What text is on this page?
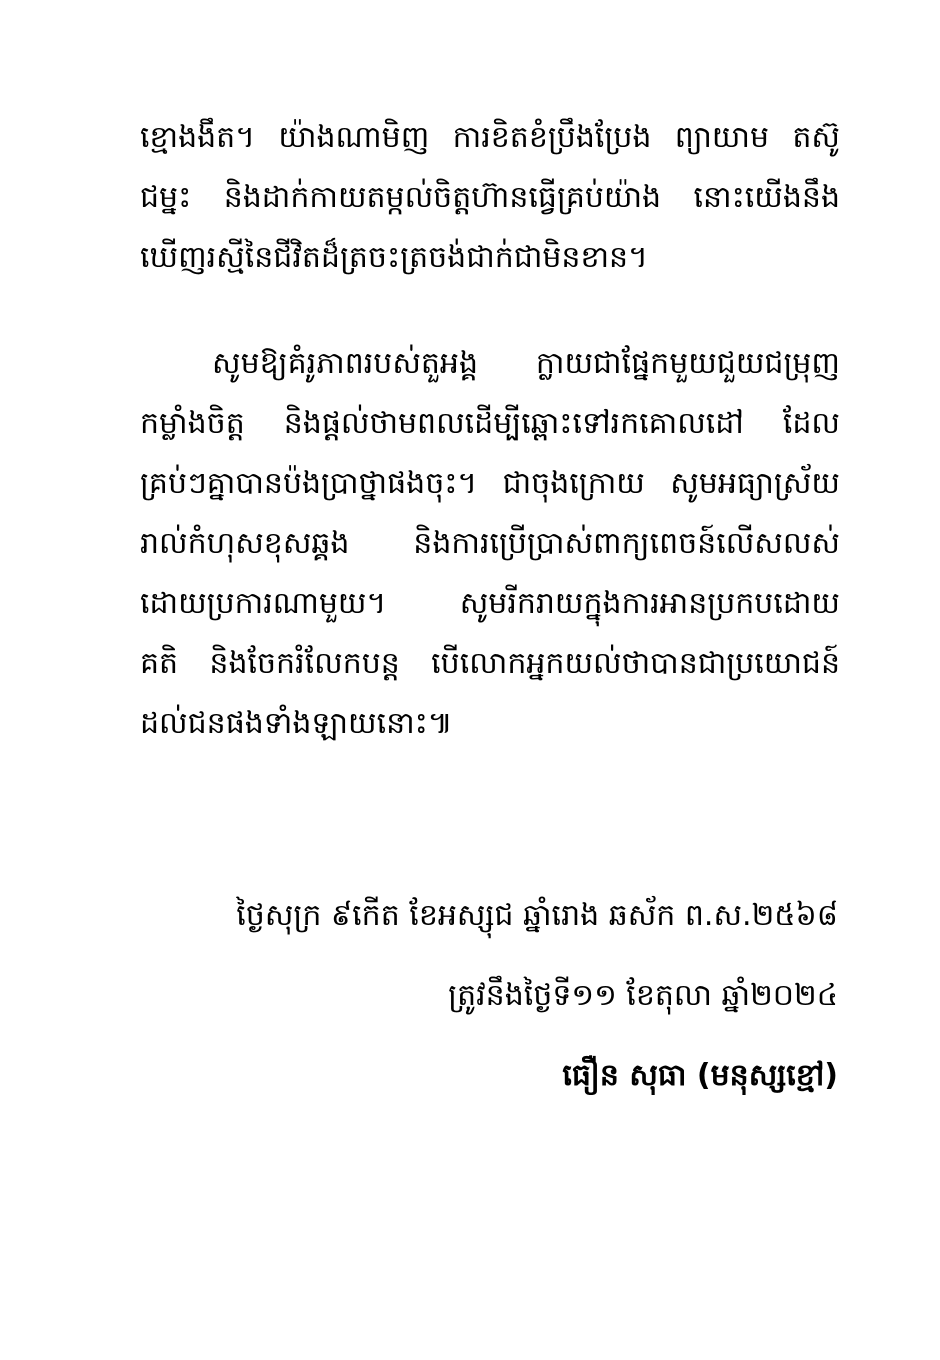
ខ្មោងងឹត។ យ៉ាងណាមិញ ការខិតខំប្រឹងប្រែង ព្យាយាម តស៊ូ
ជម្នះ និងដាក់កាយតម្កល់ចិត្តហ៊ានធ្វើគ្រប់យ៉ាង នោះយើងនឹង
ឃើញរស្មីនៃជីវិតដ៏ត្រចះត្រចង់ជាក់ជាមិនខាន។
សូមឱ្យគំរូភាពរបស់តួអង្គ ក្លាយជាផ្នែកមួយជួយជម្រុញ
កម្លាំងចិត្ត និងផ្ដល់ថាមពលដើម្បីឆ្ពោះទៅរកគោលដៅ ដែល
គ្រប់ៗគ្នាបានប៉ងប្រាថ្នាផងចុះ។ ជាចុងក្រោយ សូមអធ្យាស្រ័យ
រាល់កំហុសខុសឆ្គង និងការប្រើប្រាស់ពាក្យពេចន៍លើសលស់
ដោយប្រការណាមួយ។ សូមរីករាយក្នុងការអានប្រកបដោយ
គតិ និងចែករំលែកបន្ត បើលោកអ្នកយល់ថាបានជាប្រយោជន៍
ដល់ជនផងទាំងឡាយនោះ៕
ថ្ងៃសុក្រ ៩កើត ខែអស្សុជ ឆ្នាំរោង ឆស័ក ព.ស.២៥៦៨
ត្រូវនឹងថ្ងៃទី១១ ខែតុលា ឆ្នាំ២០២៤
ធឿន សុធា (មនុស្សខ្មៅ)
